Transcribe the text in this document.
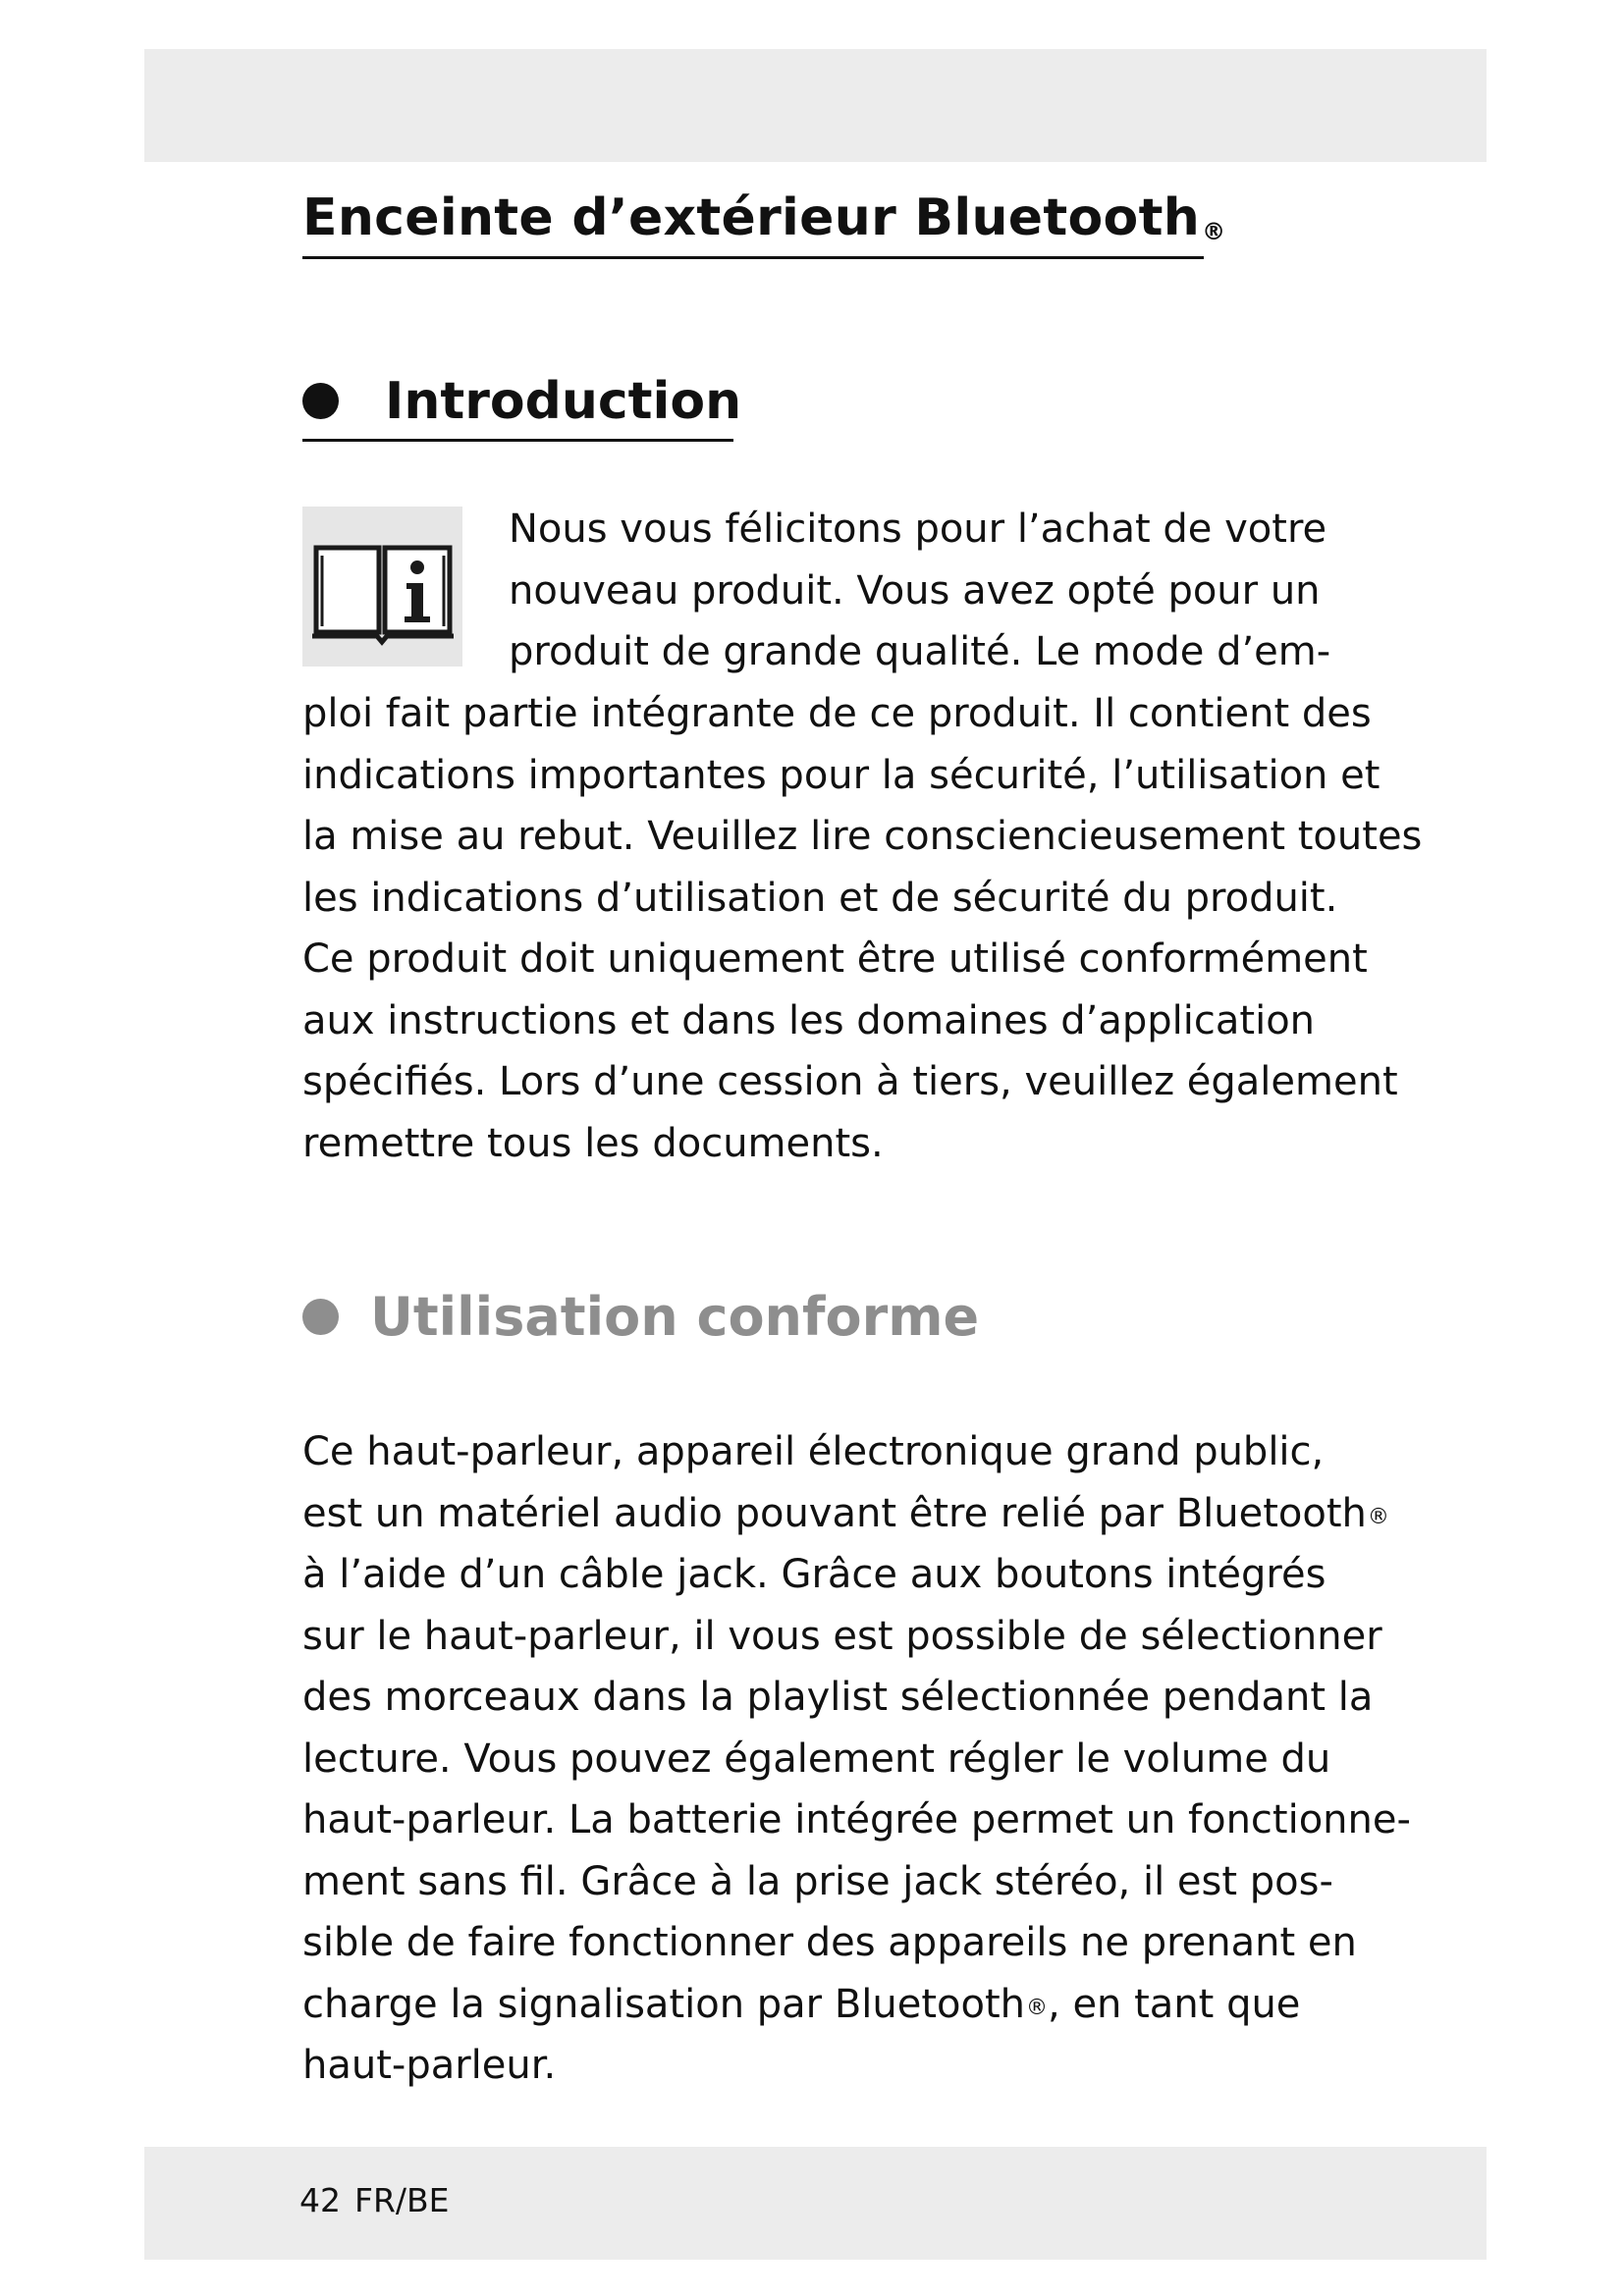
Enceinte d’extérieur Bluetooth®
Introduction
Nous vous félicitons pour l’achat de votre
nouveau produit. Vous avez opté pour un
produit de grande qualité. Le mode d’em-
ploi fait partie intégrante de ce produit. Il contient des
indications importantes pour la sécurité, l’utilisation et
la mise au rebut. Veuillez lire consciencieusement toutes
les indications d’utilisation et de sécurité du produit.
Ce produit doit uniquement être utilisé conformément
aux instructions et dans les domaines d’application
spécifiés. Lors d’une cession à tiers, veuillez également
remettre tous les documents.
Utilisation conforme
Ce haut-parleur, appareil électronique grand public,
est un matériel audio pouvant être relié par Bluetooth®
à l’aide d’un câble jack. Grâce aux boutons intégrés
sur le haut-parleur, il vous est possible de sélectionner
des morceaux dans la playlist sélectionnée pendant la
lecture. Vous pouvez également régler le volume du
haut-parleur. La batterie intégrée permet un fonctionne-
ment sans fil. Grâce à la prise jack stéréo, il est pos-
sible de faire fonctionner des appareils ne prenant en
charge la signalisation par Bluetooth®, en tant que
haut-parleur.
42 FR/BE
